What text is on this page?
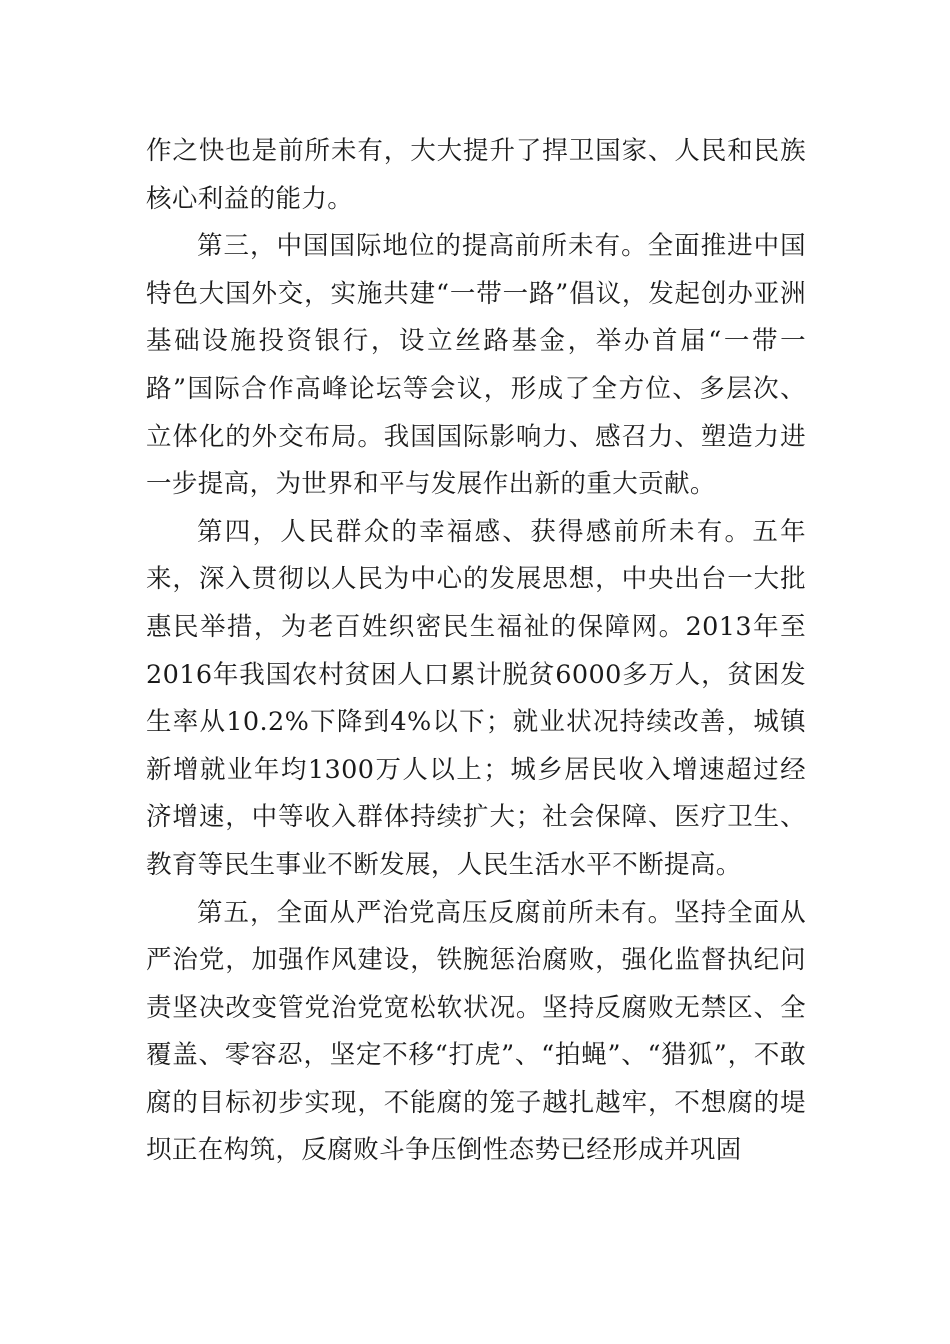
作之快也是前所未有，大大提升了捍卫国家、人民和民族核心利益的能力。

第三，中国国际地位的提高前所未有。全面推进中国特色大国外交，实施共建“一带一路”倡议，发起创办亚洲基础设施投资银行，设立丝路基金，举办首届“一带一路”国际合作高峰论坛等会议，形成了全方位、多层次、立体化的外交布局。我国国际影响力、感召力、塑造力进一步提高，为世界和平与发展作出新的重大贡献。

第四，人民群众的幸福感、获得感前所未有。五年来，深入贯彻以人民为中心的发展思想，中央出台一大批惠民举措，为老百姓织密民生福祉的保障网。2013年至2016年我国农村贫困人口累计脱贫6000多万人，贫困发生率从10.2%下降到4%以下；就业状况持续改善，城镇新增就业年均1300万人以上；城乡居民收入增速超过经济增速，中等收入群体持续扩大；社会保障、医疗卫生、教育等民生事业不断发展，人民生活水平不断提高。

第五，全面从严治党高压反腐前所未有。坚持全面从严治党，加强作风建设，铁腕惩治腐败，强化监督执纪问责坚决改变管党治党宽松软状况。坚持反腐败无禁区、全覆盖、零容忍，坚定不移“打虎”、“拍蝇”、“猎狐”，不敢腐的目标初步实现，不能腐的笼子越扎越牢，不想腐的堤坝正在构筑，反腐败斗争压倒性态势已经形成并巩固
